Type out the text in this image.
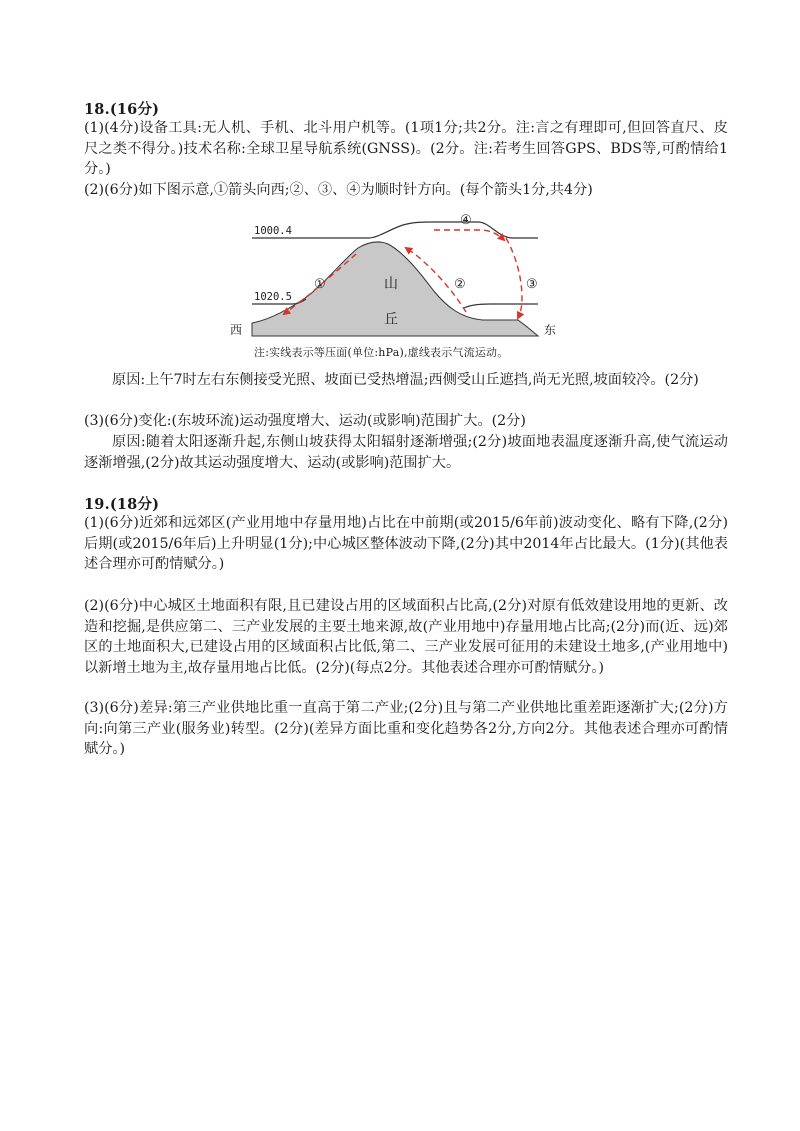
18.(16分)
(1)(4分)设备工具:无人机、手机、北斗用户机等。(1项1分;共2分。注:言之有理即可,但回答直尺、皮尺之类不得分。)技术名称:全球卫星导航系统(GNSS)。(2分。注:若考生回答GPS、BDS等,可酌情给1分。)
(2)(6分)如下图示意,①箭头向西;②、③、④为顺时针方向。(每个箭头1分,共4分)
1000.4
1020.5
山
丘
西	东
①	②	③
④
注:实线表示等压面(单位:hPa),虚线表示气流运动。
原因:上午7时左右东侧接受光照、坡面已受热增温;西侧受山丘遮挡,尚无光照,坡面较冷。(2分)
(3)(6分)变化:(东坡环流)运动强度增大、运动(或影响)范围扩大。(2分)
原因:随着太阳逐渐升起,东侧山坡获得太阳辐射逐渐增强;(2分)坡面地表温度逐渐升高,使气流运动逐渐增强,(2分)故其运动强度增大、运动(或影响)范围扩大。
19.(18分)
(1)(6分)近郊和远郊区(产业用地中存量用地)占比在中前期(或2015/6年前)波动变化、略有下降,(2分)后期(或2015/6年后)上升明显(1分);中心城区整体波动下降,(2分)其中2014年占比最大。(1分)(其他表述合理亦可酌情赋分。)
(2)(6分)中心城区土地面积有限,且已建设占用的区域面积占比高,(2分)对原有低效建设用地的更新、改造和挖掘,是供应第二、三产业发展的主要土地来源,故(产业用地中)存量用地占比高;(2分)而(近、远)郊区的土地面积大,已建设占用的区域面积占比低,第二、三产业发展可征用的未建设土地多,(产业用地中)以新增土地为主,故存量用地占比低。(2分)(每点2分。其他表述合理亦可酌情赋分。)
(3)(6分)差异:第三产业供地比重一直高于第二产业;(2分)且与第二产业供地比重差距逐渐扩大;(2分)方向:向第三产业(服务业)转型。(2分)(差异方面比重和变化趋势各2分,方向2分。其他表述合理亦可酌情赋分。)
